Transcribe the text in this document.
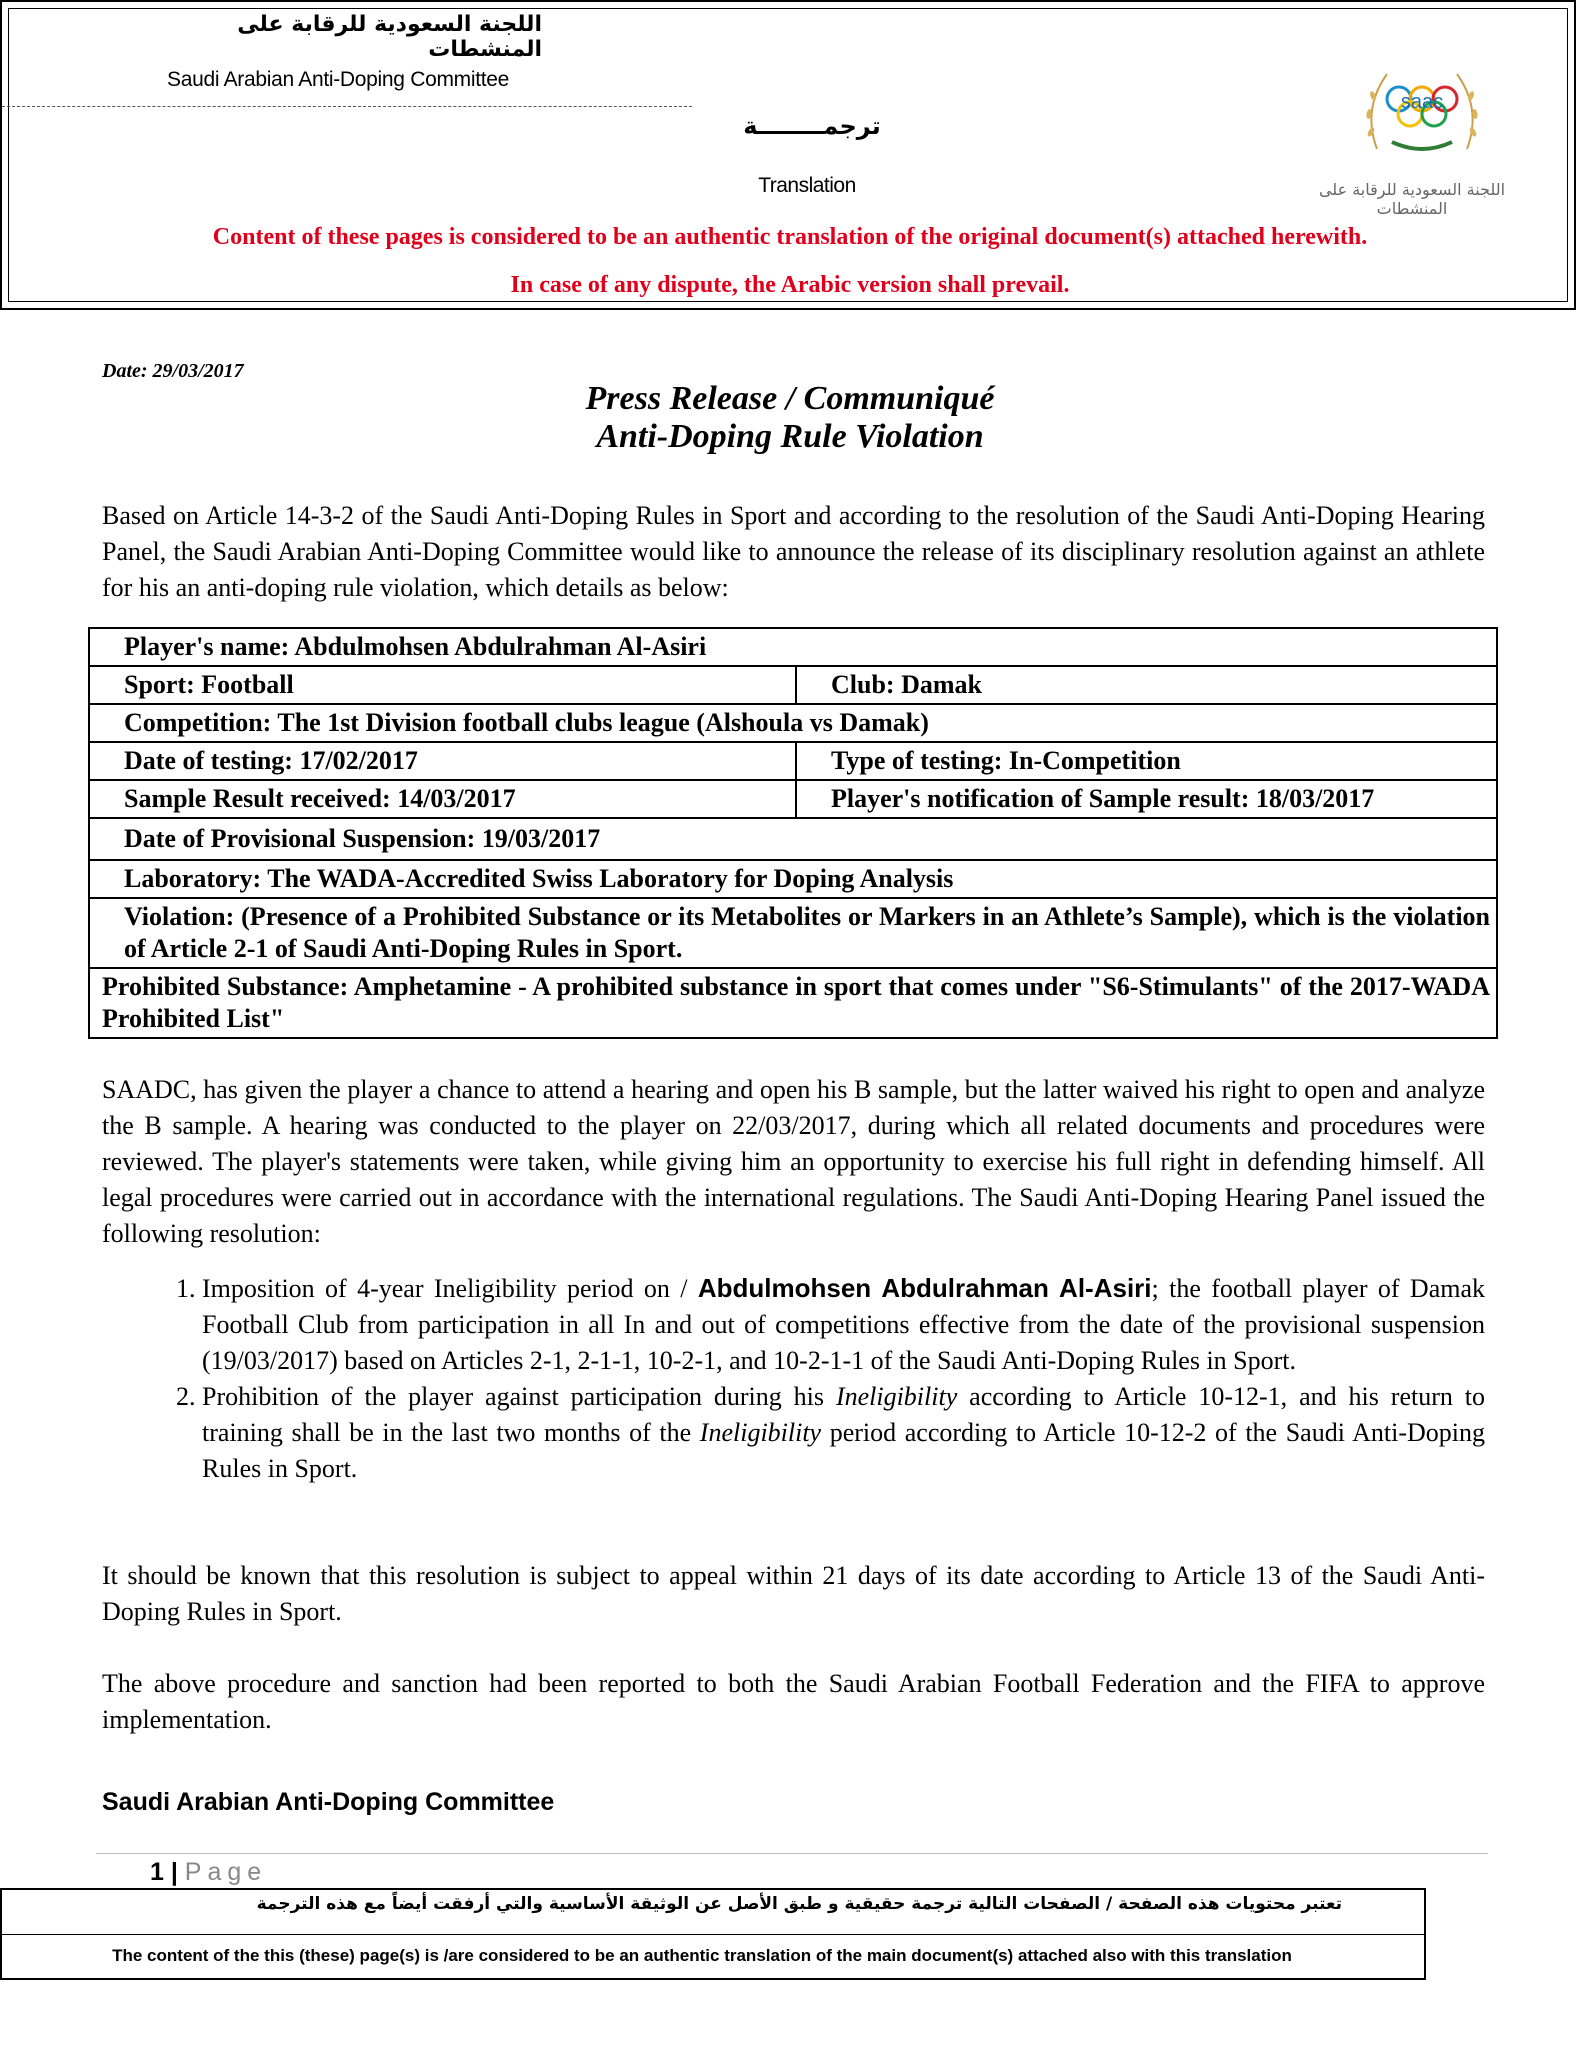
اللجنة السعودية للرقابة على المنشطات
Saudi Arabian Anti-Doping Committee
ترجمــــــــة
Translation
Content of these pages is considered to be an authentic translation of the original document(s) attached herewith.
In case of any dispute, the Arabic version shall prevail.
saac
اللجنة السعودية للرقابة على المنشطات
Date: 29/03/2017
Press Release / Communiqué
Anti-Doping Rule Violation
Based on Article 14-3-2 of the Saudi Anti-Doping Rules in Sport and according to the resolution of the Saudi Anti-Doping Hearing Panel, the Saudi Arabian Anti-Doping Committee would like to announce the release of its disciplinary resolution against an athlete for his an anti-doping rule violation, which details as below:
Player's name: Abdulmohsen Abdulrahman Al-Asiri	
Sport: Football	Club: Damak
Competition: The 1st Division football clubs league (Alshoula vs Damak)	
Date of testing: 17/02/2017	Type of testing: In-Competition
Sample Result received: 14/03/2017	Player's notification of Sample result: 18/03/2017
Date of Provisional Suspension: 19/03/2017	
Laboratory: The WADA-Accredited Swiss Laboratory for Doping Analysis	
Violation: (Presence of a Prohibited Substance or its Metabolites or Markers in an Athlete’s Sample), which is the violation of Article 2-1 of Saudi Anti-Doping Rules in Sport.	
Prohibited Substance: Amphetamine - A prohibited substance in sport that comes under "S6-Stimulants" of the 2017-WADA Prohibited List"	
SAADC, has given the player a chance to attend a hearing and open his B sample, but the latter waived his right to open and analyze the B sample. A hearing was conducted to the player on 22/03/2017, during which all related documents and procedures were reviewed. The player's statements were taken, while giving him an opportunity to exercise his full right in defending himself. All legal procedures were carried out in accordance with the international regulations. The Saudi Anti-Doping Hearing Panel issued the following resolution:
1. Imposition of 4-year Ineligibility period on / Abdulmohsen Abdulrahman Al-Asiri; the football player of Damak Football Club from participation in all In and out of competitions effective from the date of the provisional suspension (19/03/2017) based on Articles 2-1, 2-1-1, 10-2-1, and 10-2-1-1 of the Saudi Anti-Doping Rules in Sport.
2. Prohibition of the player against participation during his Ineligibility according to Article 10-12-1, and his return to training shall be in the last two months of the Ineligibility period according to Article 10-12-2 of the Saudi Anti-Doping Rules in Sport.
It should be known that this resolution is subject to appeal within 21 days of its date according to Article 13 of the Saudi Anti-Doping Rules in Sport.
The above procedure and sanction had been reported to both the Saudi Arabian Football Federation and the FIFA to approve implementation.
Saudi Arabian Anti-Doping Committee
1 | Page
تعتبر محتويات هذه الصفحة / الصفحات التالية ترجمة حقيقية و طبق الأصل عن الوثيقة الأساسية والتي أرفقت أيضاً مع هذه الترجمة
The content of the this (these) page(s) is /are considered to be an authentic translation of the main document(s) attached also with this translation
